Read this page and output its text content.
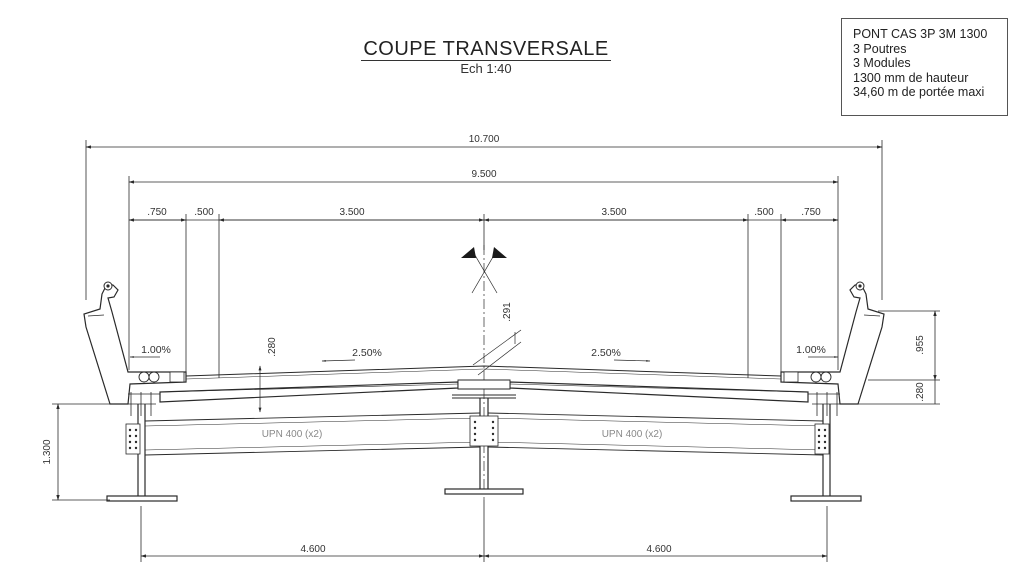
COUPE TRANSVERSALE
Ech 1:40
PONT CAS 3P 3M 1300
3 Poutres
3 Modules
1300 mm de hauteur
34,60 m de portée maxi
10.700
9.500
.750	.500	3.500	3.500	.500	.750
.291
.280
1.00%	2.50%	2.50%	1.00%
UPN 400 (x2)	UPN 400 (x2)
1.300
.955
.280
4.600	4.600
